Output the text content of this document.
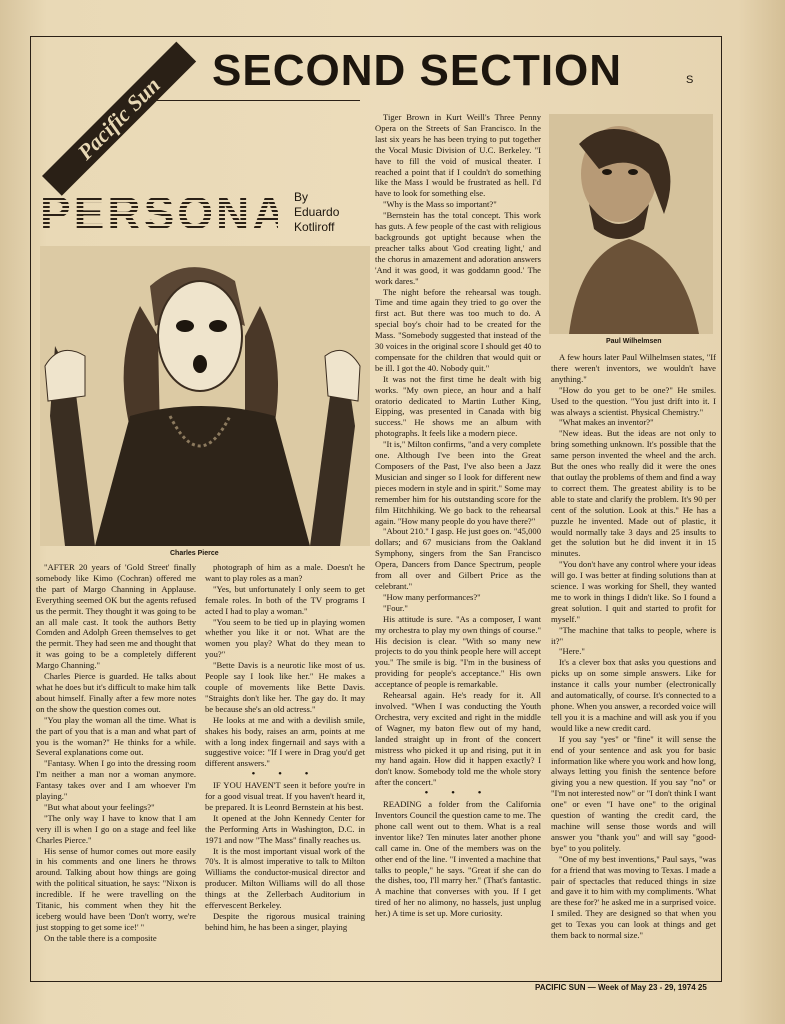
Pacific Sun
SECOND SECTION	S
PERSONA By
Eduardo
Kotliroff
Charles Pierce
Paul Wilhelmsen

"AFTER 20 years of 'Gold Street' finally somebody like Kimo (Cochran) offered me the part of Margo Channing in Applause. Everything seemed OK but the agents refused us the permit. They thought it was going to be an all male cast. It took the authors Betty Comden and Adolph Green themselves to get the permit. They had seen me and thought that it was going to be a completely different Margo Channing."

Charles Pierce is guarded. He talks about what he does but it's difficult to make him talk about himself. Finally after a few more notes on the show the question comes out.

"You play the woman all the time. What is the part of you that is a man and what part of you is the woman?" He thinks for a while. Several explanations come out.

"Fantasy. When I go into the dressing room I'm neither a man nor a woman anymore. Fantasy takes over and I am whoever I'm playing."

"But what about your feelings?"

"The only way I have to know that I am very ill is when I go on a stage and feel like Charles Pierce."

His sense of humor comes out more easily in his comments and one liners he throws around. Talking about how things are going with the political situation, he says: "Nixon is incredible. If he were travelling on the Titanic, his comment when they hit the iceberg would have been 'Don't worry, we're just stopping to get some ice!' "

On the table there is a composite

photograph of him as a male. Doesn't he want to play roles as a man?

"Yes, but unfortunately I only seem to get female roles. In both of the TV programs I acted I had to play a woman."

"You seem to be tied up in playing women whether you like it or not. What are the women you play? What do they mean to you?"

"Bette Davis is a neurotic like most of us. People say I look like her." He makes a couple of movements like Bette Davis. "Straights don't like her. The gay do. It may be because she's an old actress."

He looks at me and with a devilish smile, shakes his body, raises an arm, points at me with a long index fingernail and says with a suggestive voice: "If I were in Drag you'd get different answers."

• • •

IF YOU HAVEN'T seen it before you're in for a good visual treat. If you haven't heard it, be prepared. It is Leonrd Bernstein at his best.

It opened at the John Kennedy Center for the Performing Arts in Washington, D.C. in 1971 and now "The Mass" finally reaches us.

It is the most important visual work of the 70's. It is almost imperative to talk to Milton Williams the conductor-musical director and producer. Milton Williams will do all those things at the Zellerbach Auditorium in effervescent Berkeley.

Despite the rigorous musical training behind him, he has been a singer, playing

Tiger Brown in Kurt Weill's Three Penny Opera on the Streets of San Francisco. In the last six years he has been trying to put together the Vocal Music Division of U.C. Berkeley. "I have to fill the void of musical theater. I reached a point that if I couldn't do something like the Mass I would be frustrated as hell. I'd have to look for something else.

"Why is the Mass so important?"

"Bernstein has the total concept. This work has guts. A few people of the cast with religious backgrounds got uptight because when the preacher talks about 'God creating light,' and the chorus in amazement and adoration answers 'And it was good, it was goddamn good.' The work dares."

The night before the rehearsal was tough. Time and time again they tried to go over the first act. But there was too much to do. A special boy's choir had to be created for the Mass. "Somebody suggested that instead of the 30 voices in the original score I should get 40 to compensate for the children that would quit or be ill. I got the 40. Nobody quit."

It was not the first time he dealt with big works. "My own piece, an hour and a half oratorio dedicated to Martin Luther King, Eipping, was presented in Canada with big success." He shows me an album with photographs. It feels like a modern piece.

"It is," Milton confirms, "and a very complete one. Although I've been into the Great Composers of the Past, I've also been a Jazz Musician and singer so I look for different new pieces modern in style and in spirit." Some may remember him for his outstanding score for the film Hitchhiking. We go back to the rehearsal again. "How many people do you have there?"

"About 210." I gasp. He just goes on. "45,000 dollars; and 67 musicians from the Oakland Symphony, singers from the San Francisco Opera, Dancers from Dance Spectrum, people from all over and Gilbert Price as the celebrant."

"How many performances?"

"Four."

His attitude is sure. "As a composer, I want my orchestra to play my own things of course." His decision is clear. "With so many new projects to do you think people here will accept you." The smile is big. "I'm in the business of providing for people's acceptance." His own acceptance of people is remarkable.

Rehearsal again. He's ready for it. All involved. "When I was conducting the Youth Orchestra, very excited and right in the middle of Wagner, my baton flew out of my hand, landed straight up in front of the concert mistress who picked it up and rising, put it in my hand again. How did it happen exactly? I don't know. Somebody told me the whole story after the concert."

• • •

READING a folder from the California Inventors Council the question came to me. The phone call went out to them. What is a real inventor like? Ten minutes later another phone call came in. One of the members was on the other end of the line. "I invented a machine that talks to people," he says. "Great if she can do the dishes, too, I'll marry her." (That's fantastic. A machine that converses with you. If I get tired of her no alimony, no hassels, just unplug her.) A time is set up. More curiosity.

A few hours later Paul Wilhelmsen states, "If there weren't inventors, we wouldn't have anything."

"How do you get to be one?" He smiles. Used to the question. "You just drift into it. I was always a scientist. Physical Chemistry."

"What makes an inventor?"

"New ideas. But the ideas are not only to bring something unknown. It's possible that the same person invented the wheel and the arch. But the ones who really did it were the ones that outlay the problems of them and find a way to correct them. The greatest ability is to be able to state and clarify the problem. It's 90 per cent of the solution. Look at this." He has a puzzle he invented. Made out of plastic, it would normally take 3 days and 25 insults to get the solution but he did invent it in 15 minutes.

"You don't have any control where your ideas will go. I was better at finding solutions than at science. I was working for Shell, they wanted me to work in things I didn't like. So I found a great solution. I quit and started to profit for myself."

"The machine that talks to people, where is it?"

"Here."

It's a clever box that asks you questions and picks up on some simple answers. Like for instance it calls your number (electronically and automatically, of course. It's connected to a phone. When you answer, a recorded voice will tell you it is a machine and will ask you if you would like a new credit card.

If you say "yes" or "fine" it will sense the end of your sentence and ask you for basic information like where you work and how long, always letting you finish the sentence before giving you a new question. If you say "no" or "I'm not interested now" or "I don't think I want one" or even "I have one" to the original question of wanting the credit card, the machine will sense those words and will answer you "thank you" and will say "good-bye" to you politely.

"One of my best inventions," Paul says, "was for a friend that was moving to Texas. I made a pair of spectacles that reduced things in size and gave it to him with my compliments. 'What are these for?' he asked me in a surprised voice. I smiled. They are designed so that when you get to Texas you can look at things and get them back to normal size."

PACIFIC SUN — Week of May 23 - 29, 1974 25
